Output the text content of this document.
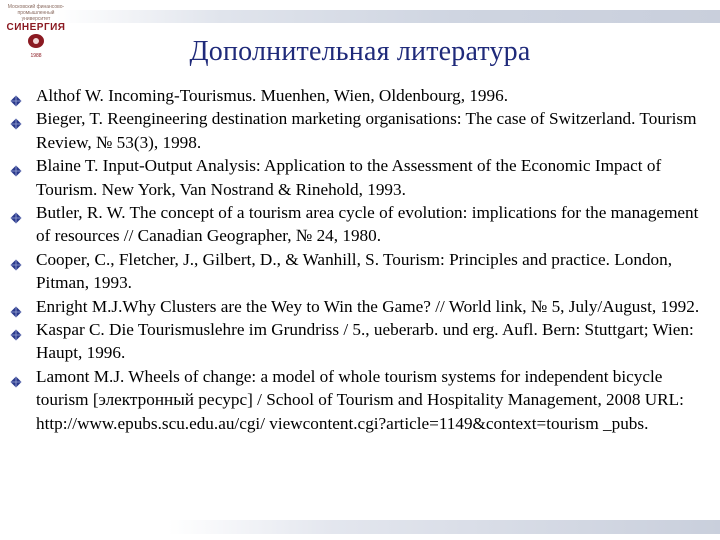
Московский финансово-промышленный университет
СИНЕРГИЯ
1988	Дополнительная литература
Althof W. Incoming-Tourismus. Muenhen, Wien, Oldenbourg, 1996.
Bieger, T. Reengineering destination marketing organisations: The case of Switzerland. Tourism Review, № 53(3), 1998.
Blaine T. Input-Output Analysis: Application to the Assessment of the Economic Impact of Tourism. New York, Van Nostrand & Rinehold, 1993.
Butler, R. W. The concept of a tourism area cycle of evolution: implications for the management of resources // Canadian Geographer, № 24, 1980.
Cooper, C., Fletcher, J., Gilbert, D., & Wanhill, S. Tourism: Principles and practice. London, Pitman, 1993.
Enright M.J.Why Clusters are the Wey to Win the Game? // World link, № 5, July/August, 1992.
Kaspar C. Die Tourismuslehre im Grundriss / 5., ueberarb. und erg. Aufl. Bern: Stuttgart; Wien: Haupt, 1996.
Lamont M.J. Wheels of change: a model of whole tourism systems for independent bicycle tourism [электронный ресурс] / School of Tourism and Hospitality Management, 2008 URL: http://www.epubs.scu.edu.au/cgi/ viewcontent.cgi?article=1149&context=tourism _pubs.
